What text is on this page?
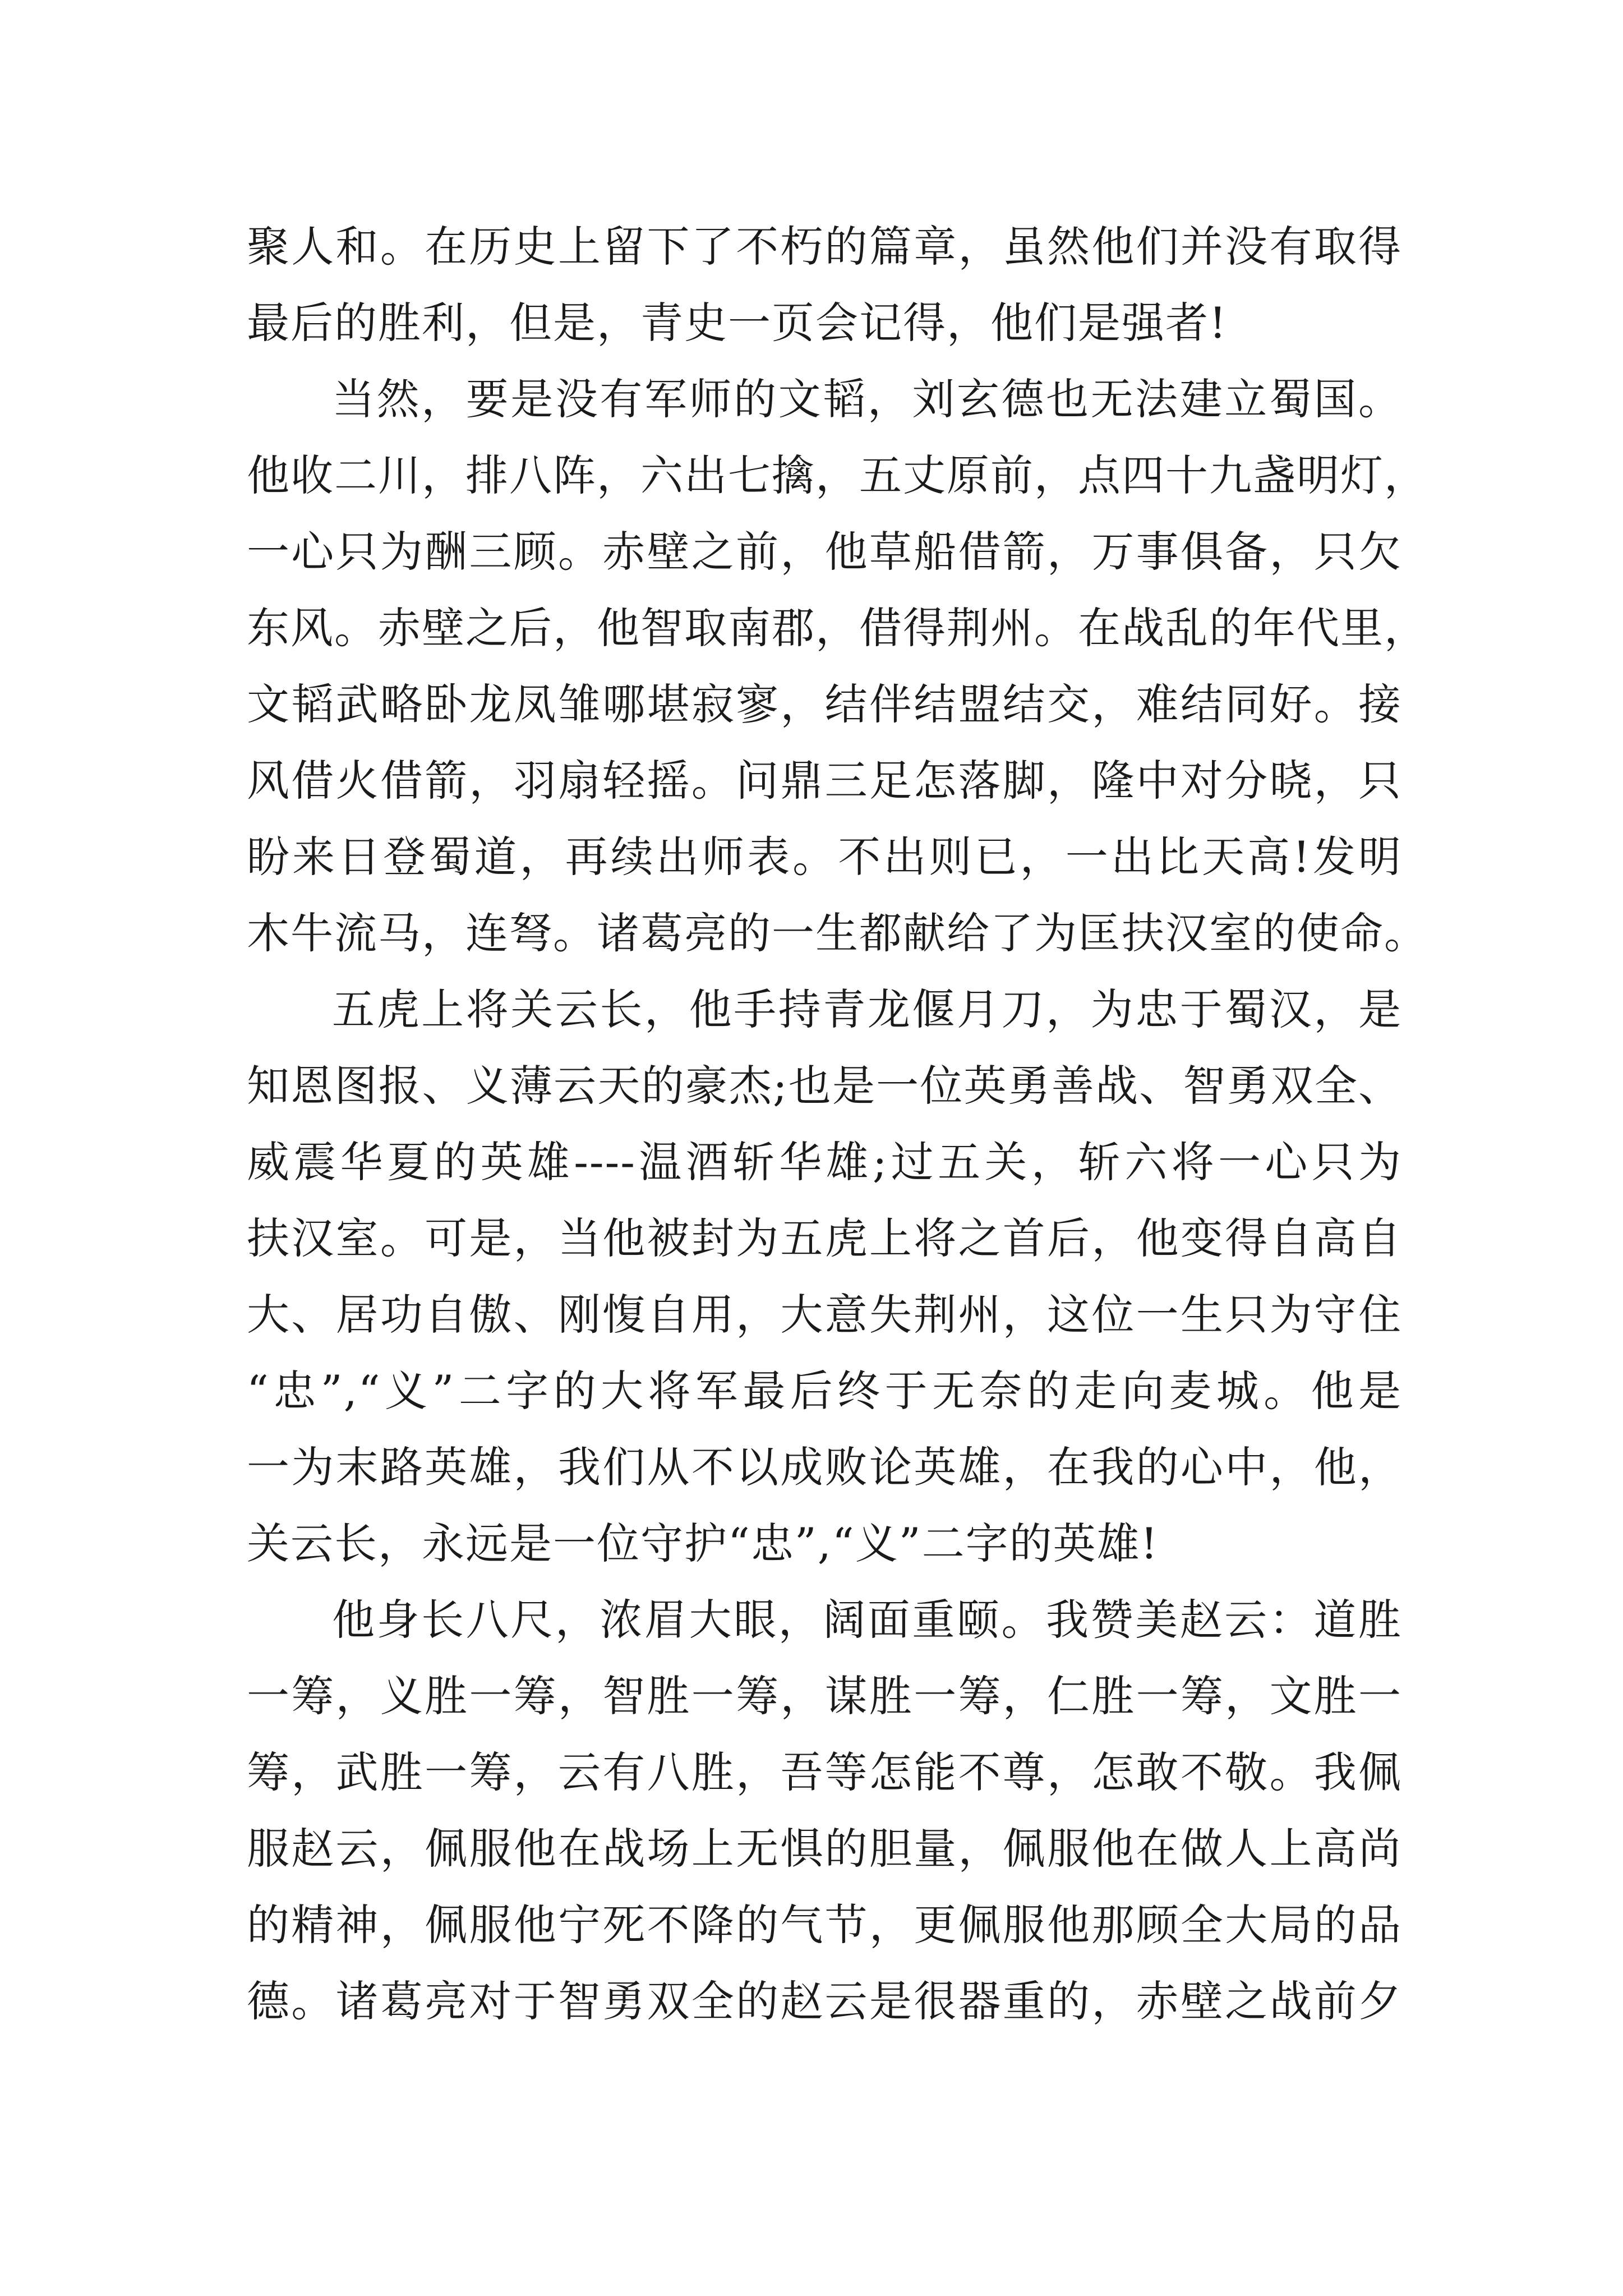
聚人和。在历史上留下了不朽的篇章，虽然他们并没有取得
最后的胜利，但是，青史一页会记得，他们是强者!

当然，要是没有军师的文韬，刘玄德也无法建立蜀国。
他收二川，排八阵，六出七擒，五丈原前，点四十九盏明灯，
一心只为酬三顾。赤壁之前，他草船借箭，万事俱备，只欠
东风。赤壁之后，他智取南郡，借得荆州。在战乱的年代里，
文韬武略卧龙凤雏哪堪寂寥，结伴结盟结交，难结同好。接
风借火借箭，羽扇轻摇。问鼎三足怎落脚，隆中对分晓，只
盼来日登蜀道，再续出师表。不出则已，一出比天高!发明
木牛流马，连弩。诸葛亮的一生都献给了为匡扶汉室的使命。

五虎上将关云长，他手持青龙偃月刀，为忠于蜀汉，是
知恩图报、义薄云天的豪杰;也是一位英勇善战、智勇双全、
威震华夏的英雄----温酒斩华雄;过五关，斩六将一心只为
扶汉室。可是，当他被封为五虎上将之首后，他变得自高自
大、居功自傲、刚愎自用，大意失荆州，这位一生只为守住
“忠”,“义”二字的大将军最后终于无奈的走向麦城。他是
一为末路英雄，我们从不以成败论英雄，在我的心中，他，
关云长，永远是一位守护“忠”,“义”二字的英雄!

他身长八尺，浓眉大眼，阔面重颐。我赞美赵云：道胜
一筹，义胜一筹，智胜一筹，谋胜一筹，仁胜一筹，文胜一
筹，武胜一筹，云有八胜，吾等怎能不尊，怎敢不敬。我佩
服赵云，佩服他在战场上无惧的胆量，佩服他在做人上高尚
的精神，佩服他宁死不降的气节，更佩服他那顾全大局的品
德。诸葛亮对于智勇双全的赵云是很器重的，赤壁之战前夕
